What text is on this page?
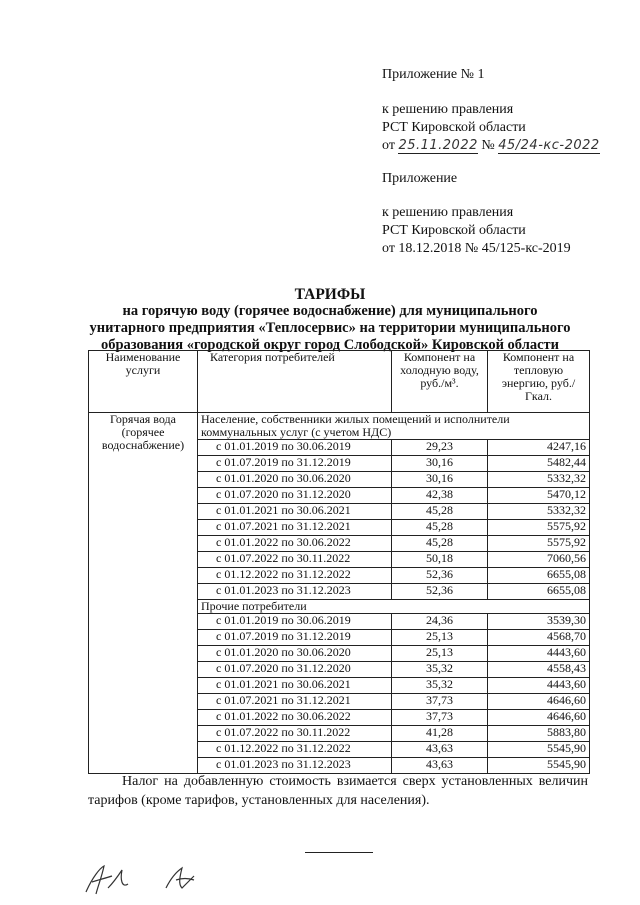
Приложение № 1
к решению правления
РСТ Кировской области
от 25.11.2022 № 45/24-кс-2022
Приложение
к решению правления
РСТ Кировской области
от 18.12.2018 № 45/125-кс-2019
ТАРИФЫ
на горячую воду (горячее водоснабжение) для муниципального
унитарного предприятия «Теплосервис» на территории муниципального
образования «городской округ город Слободской» Кировской области
Наименование услуги	Категория потребителей	Компонент на холодную воду, руб./м³.	Компонент на тепловую энергию, руб./Гкал.
Горячая вода (горячее водоснабжение)	Население, собственники жилых помещений и исполнители коммунальных услуг (с учетом НДС)		
	с 01.01.2019 по 30.06.2019	29,23	4247,16
	с 01.07.2019 по 31.12.2019	30,16	5482,44
	с 01.01.2020 по 30.06.2020	30,16	5332,32
	с 01.07.2020 по 31.12.2020	42,38	5470,12
	с 01.01.2021 по 30.06.2021	45,28	5332,32
	с 01.07.2021 по 31.12.2021	45,28	5575,92
	с 01.01.2022 по 30.06.2022	45,28	5575,92
	с 01.07.2022 по 30.11.2022	50,18	7060,56
	с 01.12.2022 по 31.12.2022	52,36	6655,08
	с 01.01.2023 по 31.12.2023	52,36	6655,08
	Прочие потребители		
	с 01.01.2019 по 30.06.2019	24,36	3539,30
	с 01.07.2019 по 31.12.2019	25,13	4568,70
	с 01.01.2020 по 30.06.2020	25,13	4443,60
	с 01.07.2020 по 31.12.2020	35,32	4558,43
	с 01.01.2021 по 30.06.2021	35,32	4443,60
	с 01.07.2021 по 31.12.2021	37,73	4646,60
	с 01.01.2022 по 30.06.2022	37,73	4646,60
	с 01.07.2022 по 30.11.2022	41,28	5883,80
	с 01.12.2022 по 31.12.2022	43,63	5545,90
	с 01.01.2023 по 31.12.2023	43,63	5545,90
Налог на добавленную стоимость взимается сверх установленных величин тарифов (кроме тарифов, установленных для населения).
